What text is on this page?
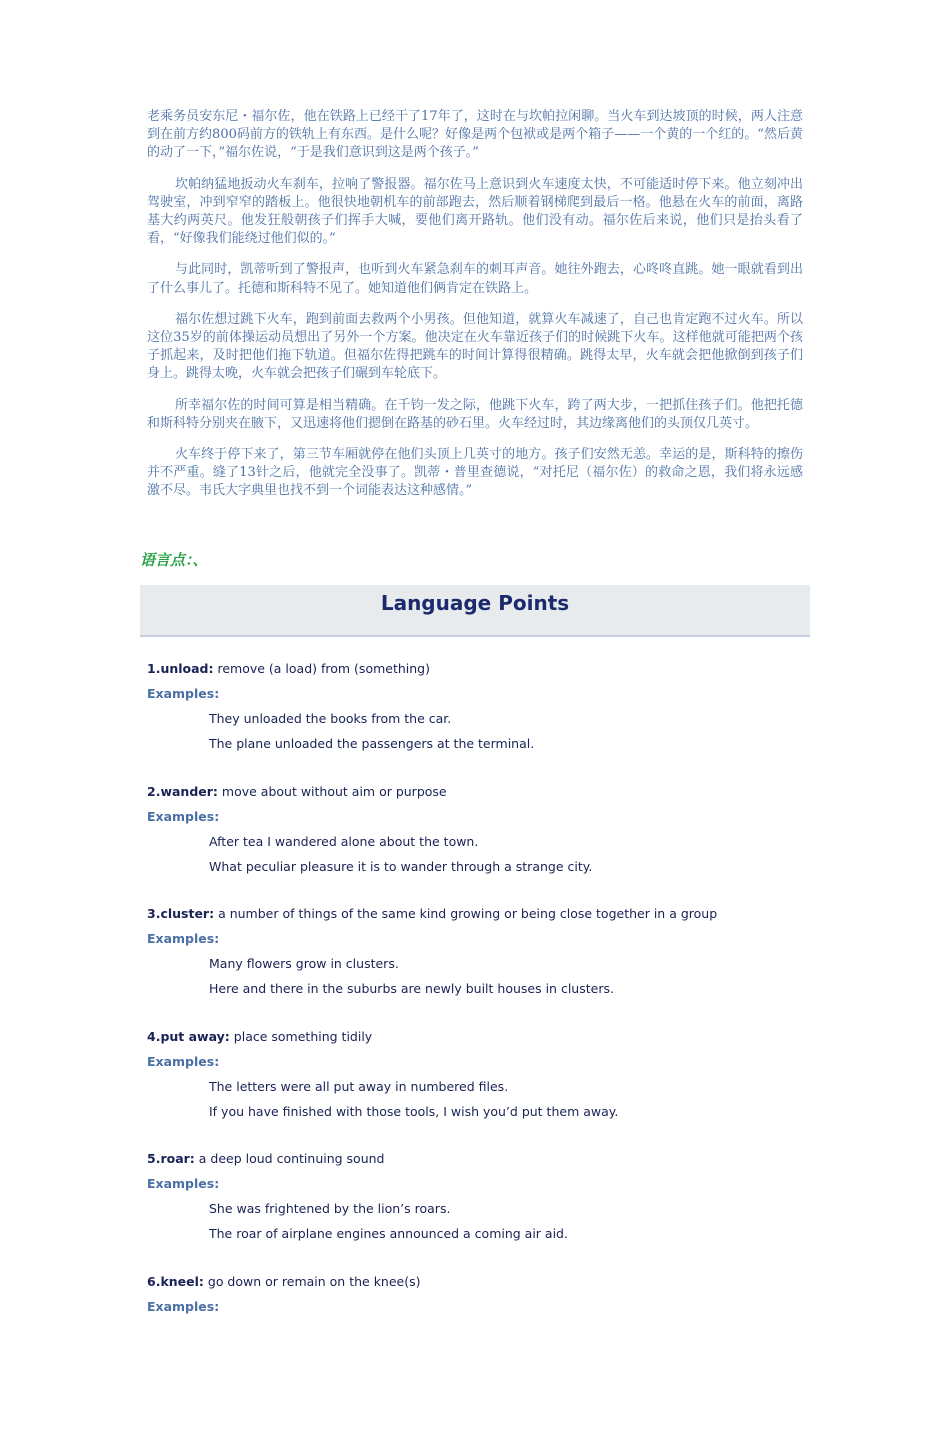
老乘务员安东尼・福尔佐，他在铁路上已经干了17年了，这时在与坎帕拉闲聊。当火车到达坡顶的时候，两人注意到在前方约800码前方的铁轨上有东西。是什么呢？好像是两个包袱或是两个箱子——一个黄的一个红的。“然后黄的动了一下，”福尔佐说，“于是我们意识到这是两个孩子。”

坎帕纳猛地扳动火车刹车，拉响了警报器。福尔佐马上意识到火车速度太快，不可能适时停下来。他立刻冲出驾驶室，冲到窄窄的踏板上。他很快地朝机车的前部跑去，然后顺着钢梯爬到最后一格。他悬在火车的前面，离路基大约两英尺。他发狂般朝孩子们挥手大喊，要他们离开路轨。他们没有动。福尔佐后来说，他们只是抬头看了看，“好像我们能绕过他们似的。”

与此同时，凯蒂听到了警报声，也听到火车紧急刹车的刺耳声音。她往外跑去，心咚咚直跳。她一眼就看到出了什么事儿了。托德和斯科特不见了。她知道他们俩肯定在铁路上。

福尔佐想过跳下火车，跑到前面去救两个小男孩。但他知道，就算火车减速了，自己也肯定跑不过火车。所以这位35岁的前体操运动员想出了另外一个方案。他决定在火车靠近孩子们的时候跳下火车。这样他就可能把两个孩子抓起来，及时把他们拖下轨道。但福尔佐得把跳车的时间计算得很精确。跳得太早，火车就会把他掀倒到孩子们身上。跳得太晚，火车就会把孩子们碾到车轮底下。

所幸福尔佐的时间可算是相当精确。在千钧一发之际，他跳下火车，跨了两大步，一把抓住孩子们。他把托德和斯科特分别夹在腋下，又迅速将他们摁倒在路基的砂石里。火车经过时，其边缘离他们的头顶仅几英寸。

火车终于停下来了，第三节车厢就停在他们头顶上几英寸的地方。孩子们安然无恙。幸运的是，斯科特的擦伤并不严重。缝了13针之后，他就完全没事了。凯蒂・普里查德说，“对托尼（福尔佐）的救命之恩，我们将永远感激不尽。韦氏大字典里也找不到一个词能表达这种感情。”

语言点：、

Language Points

1.unload: remove (a load) from (something)

Examples:

They unloaded the books from the car.

The plane unloaded the passengers at the terminal.

2.wander: move about without aim or purpose

Examples:

After tea I wandered alone about the town.

What peculiar pleasure it is to wander through a strange city.

3.cluster: a number of things of the same kind growing or being close together in a group

Examples:

Many flowers grow in clusters.

Here and there in the suburbs are newly built houses in clusters.

4.put away: place something tidily

Examples:

The letters were all put away in numbered files.

If you have finished with those tools, I wish you’d put them away.

5.roar: a deep loud continuing sound

Examples:

She was frightened by the lion’s roars.

The roar of airplane engines announced a coming air aid.

6.kneel: go down or remain on the knee(s)

Examples:
